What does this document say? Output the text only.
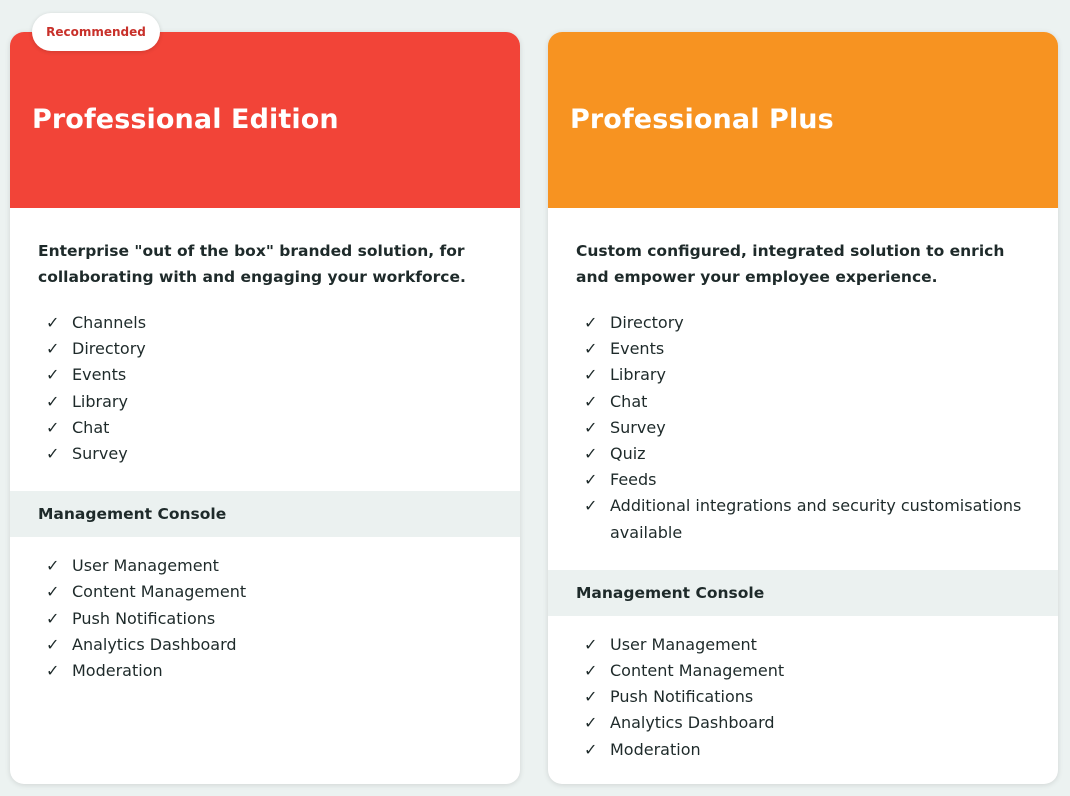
Recommended
Professional Edition

Enterprise "out of the box" branded solution, for collaborating with and engaging your workforce.

✓ Channels
✓ Directory
✓ Events
✓ Library
✓ Chat
✓ Survey
Management Console
✓ User Management
✓ Content Management
✓ Push Notifications
✓ Analytics Dashboard
✓ Moderation
Professional Plus

Custom configured, integrated solution to enrich and empower your employee experience.

✓ Directory
✓ Events
✓ Library
✓ Chat
✓ Survey
✓ Quiz
✓ Feeds
✓ Additional integrations and security customisations available
Management Console
✓ User Management
✓ Content Management
✓ Push Notifications
✓ Analytics Dashboard
✓ Moderation
